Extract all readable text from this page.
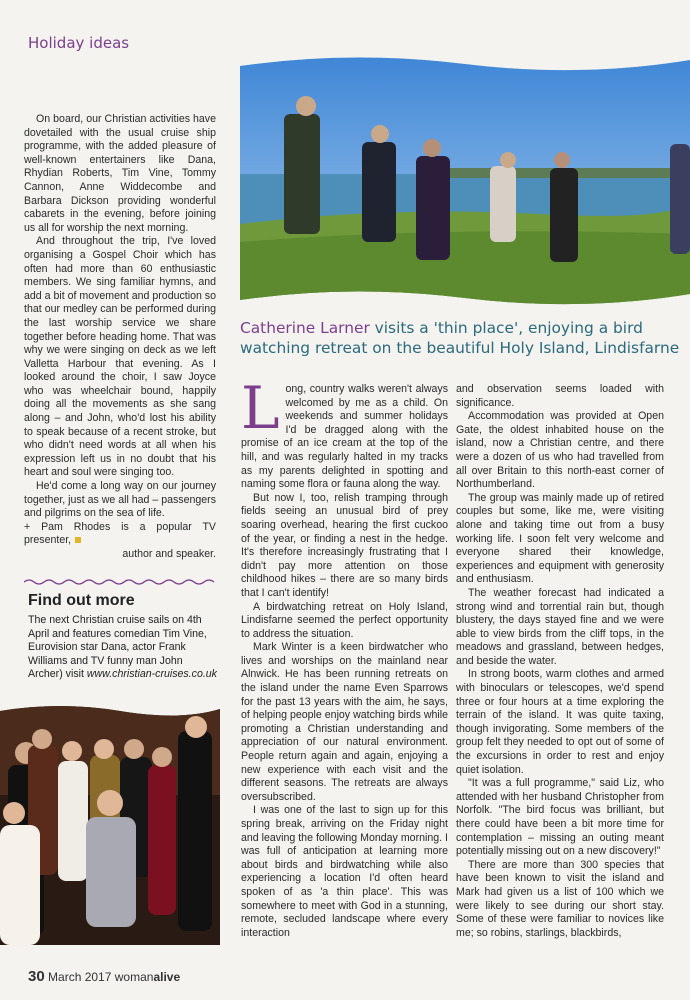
Holiday ideas
Catherine Larner visits a 'thin place', enjoying a bird watching retreat on the beautiful Holy Island, Lindisfarne

On board, our Christian activities have dovetailed with the usual cruise ship programme, with the added pleasure of well-known entertainers like Dana, Rhydian Roberts, Tim Vine, Tommy Cannon, Anne Widdecombe and Barbara Dickson providing wonderful cabarets in the evening, before joining us all for worship the next morning.

And throughout the trip, I've loved organising a Gospel Choir which has often had more than 60 enthusiastic members. We sing familiar hymns, and add a bit of movement and production so that our medley can be performed during the last worship service we share together before heading home. That was why we were singing on deck as we left Valletta Harbour that evening. As I looked around the choir, I saw Joyce who was wheelchair bound, happily doing all the movements as she sang along – and John, who'd lost his ability to speak because of a recent stroke, but who didn't need words at all when his expression left us in no doubt that his heart and soul were singing too.

He'd come a long way on our journey together, just as we all had – passengers and pilgrims on the sea of life.

+ Pam Rhodes is a popular TV presenter,
author and speaker.

Find out more
The next Christian cruise sails on 4th April and features comedian Tim Vine, Eurovision star Dana, actor Frank Williams and TV funny man John Archer) visit www.christian-cruises.co.uk

Long, country walks weren't always welcomed by me as a child. On weekends and summer holidays I'd be dragged along with the promise of an ice cream at the top of the hill, and was regularly halted in my tracks as my parents delighted in spotting and naming some flora or fauna along the way.

But now I, too, relish tramping through fields seeing an unusual bird of prey soaring overhead, hearing the first cuckoo of the year, or finding a nest in the hedge. It's therefore increasingly frustrating that I didn't pay more attention on those childhood hikes – there are so many birds that I can't identify!

A birdwatching retreat on Holy Island, Lindisfarne seemed the perfect opportunity to address the situation.

Mark Winter is a keen birdwatcher who lives and worships on the mainland near Alnwick. He has been running retreats on the island under the name Even Sparrows for the past 13 years with the aim, he says, of helping people enjoy watching birds while promoting a Christian understanding and appreciation of our natural environment. People return again and again, enjoying a new experience with each visit and the different seasons. The retreats are always oversubscribed.

I was one of the last to sign up for this spring break, arriving on the Friday night and leaving the following Monday morning. I was full of anticipation at learning more about birds and birdwatching while also experiencing a location I'd often heard spoken of as 'a thin place'. This was somewhere to meet with God in a stunning, remote, secluded landscape where every interaction

and observation seems loaded with significance.

Accommodation was provided at Open Gate, the oldest inhabited house on the island, now a Christian centre, and there were a dozen of us who had travelled from all over Britain to this north-east corner of Northumberland.

The group was mainly made up of retired couples but some, like me, were visiting alone and taking time out from a busy working life. I soon felt very welcome and everyone shared their knowledge, experiences and equipment with generosity and enthusiasm.

The weather forecast had indicated a strong wind and torrential rain but, though blustery, the days stayed fine and we were able to view birds from the cliff tops, in the meadows and grassland, between hedges, and beside the water.

In strong boots, warm clothes and armed with binoculars or telescopes, we'd spend three or four hours at a time exploring the terrain of the island. It was quite taxing, though invigorating. Some members of the group felt they needed to opt out of some of the excursions in order to rest and enjoy quiet isolation.

"It was a full programme," said Liz, who attended with her husband Christopher from Norfolk. "The bird focus was brilliant, but there could have been a bit more time for contemplation – missing an outing meant potentially missing out on a new discovery!"

There are more than 300 species that have been known to visit the island and Mark had given us a list of 100 which we were likely to see during our short stay. Some of these were familiar to novices like me; so robins, starlings, blackbirds,

30 March 2017 womanalive
